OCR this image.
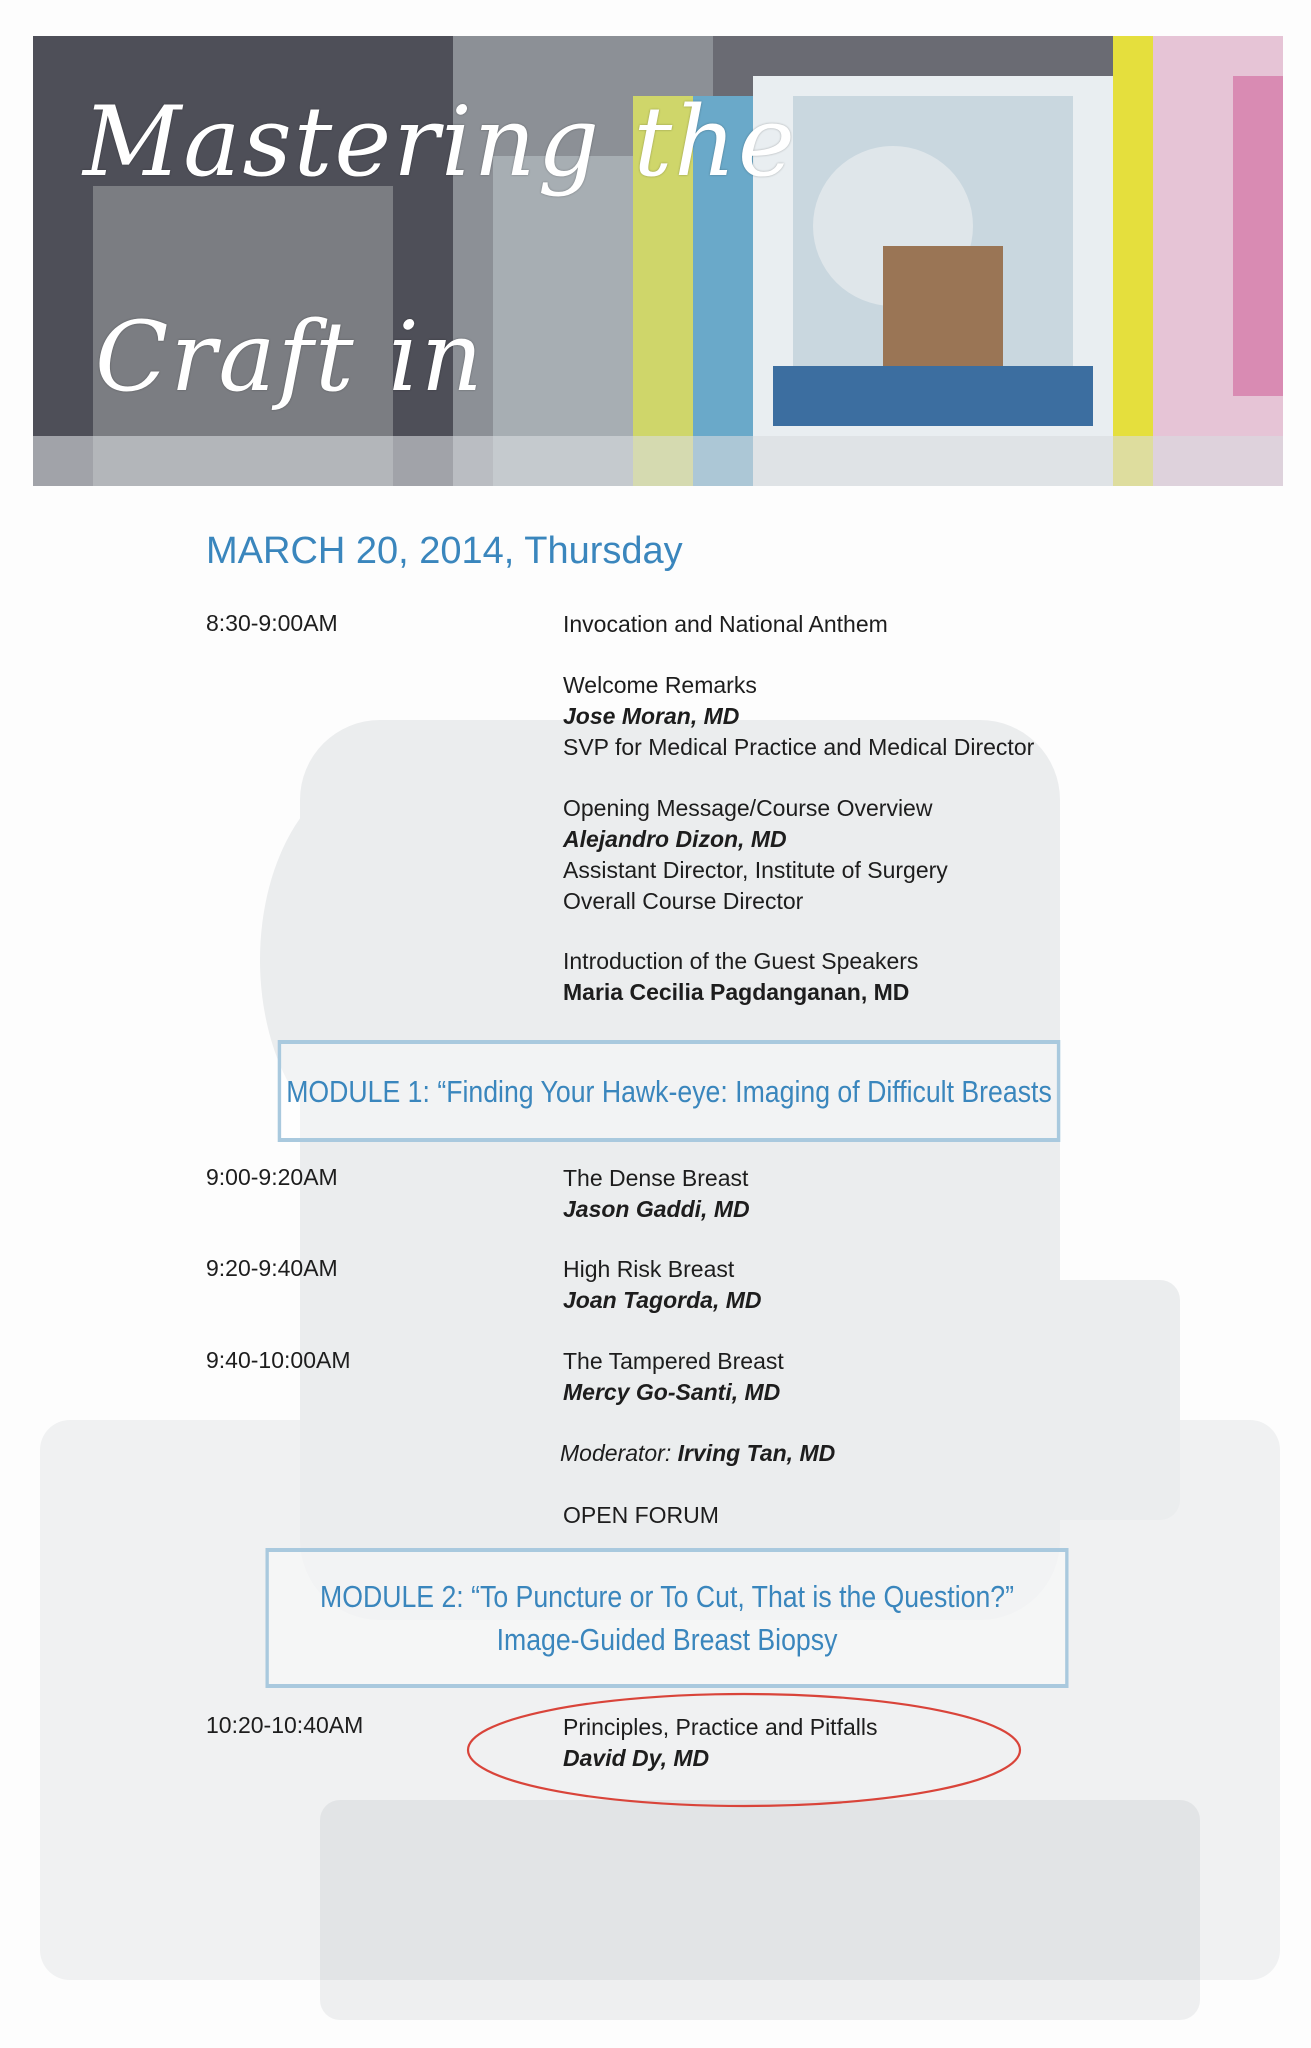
Mastering the
Craft in
MARCH 20, 2014, Thursday
8:30-9:00AM	Invocation and National Anthem
Welcome Remarks
Jose Moran, MD
SVP for Medical Practice and Medical Director
Opening Message/Course Overview
Alejandro Dizon, MD
Assistant Director, Institute of Surgery
Overall Course Director
Introduction of the Guest Speakers
Maria Cecilia Pagdanganan, MD
MODULE 1: “Finding Your Hawk-eye: Imaging of Difficult Breasts
9:00-9:20AM	The Dense Breast
Jason Gaddi, MD
9:20-9:40AM	High Risk Breast
Joan Tagorda, MD
9:40-10:00AM	The Tampered Breast
Mercy Go-Santi, MD
Moderator: Irving Tan, MD
OPEN FORUM
MODULE 2: “To Puncture or To Cut, That is the Question?”
Image-Guided Breast Biopsy
10:20-10:40AM	Principles, Practice and Pitfalls
David Dy, MD
